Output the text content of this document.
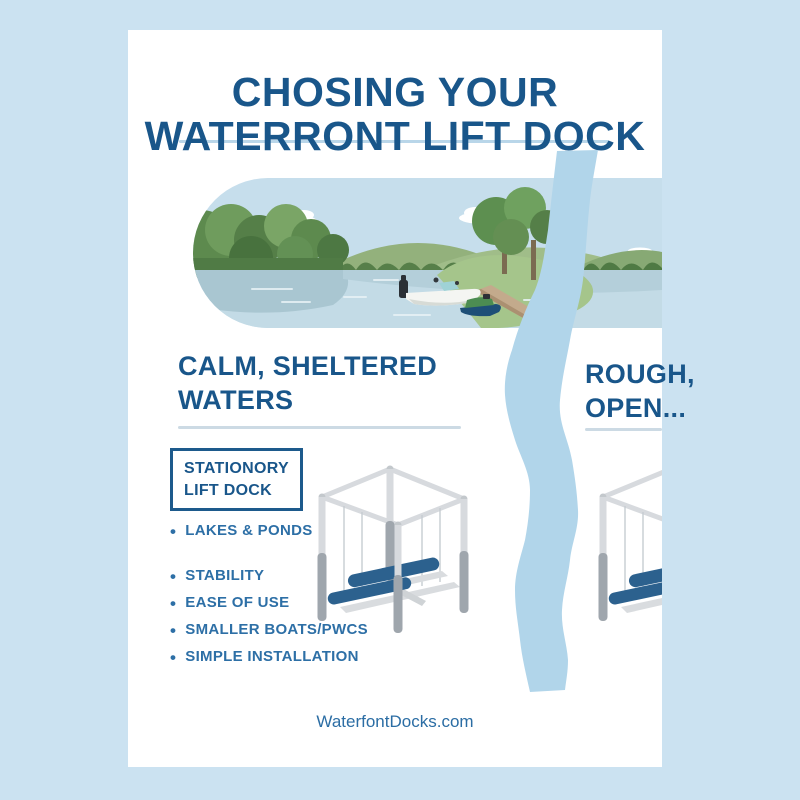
CHOSING YOUR
WATERRONT LIFT DOCK
CALM, SHELTERED
WATERS
ROUGH,
OPEN...
STATIONORY
LIFT DOCK
• LAKES & PONDS
• STABILITY
• EASE OF USE
• SMALLER BOATS/PWCS
• SIMPLE INSTALLATION
WaterfontDocks.com
